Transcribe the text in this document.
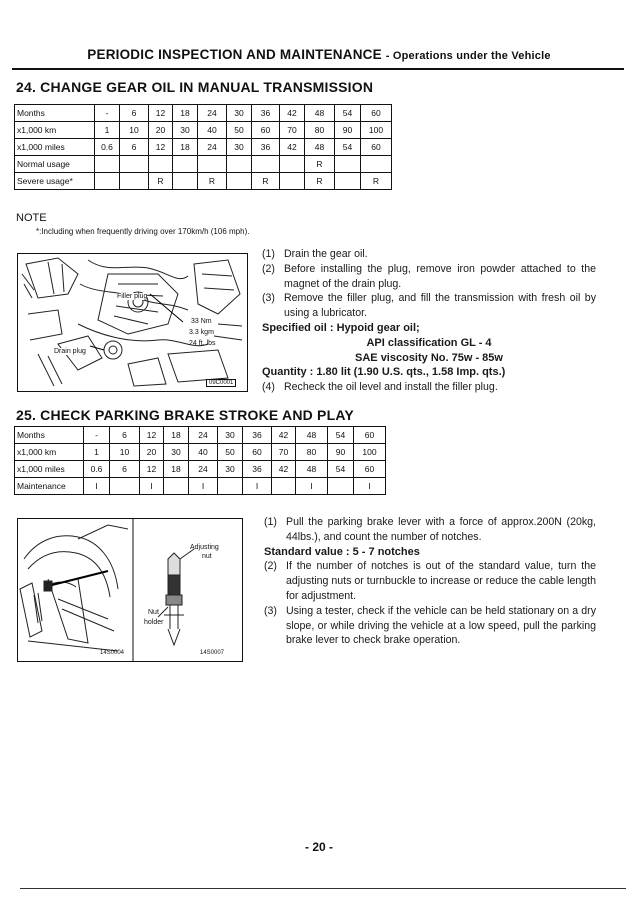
PERIODIC INSPECTION AND MAINTENANCE - Operations under the Vehicle
24. CHANGE GEAR OIL IN MANUAL TRANSMISSION
Months	-	6	12	18	24	30	36	42	48	54	60
x1,000 km	1	10	20	30	40	50	60	70	80	90	100
x1,000 miles	0.6	6	12	18	24	30	36	42	48	54	60
Normal usage									R		
Severe usage*			R		R		R		R		R
NOTE
*:Including when frequently driving over 170km/h (106 mph).
Filler plug
Drain plug
33 Nm
3.3 kgm
24 ft. lbs
09C0001
(1) Drain the gear oil.
(2) Before installing the plug, remove iron powder attached to the magnet of the drain plug.
(3) Remove the filler plug, and fill the transmission with fresh oil by using a lubricator.
Specified oil : Hypoid gear oil;
API classification GL - 4
SAE viscosity No. 75w - 85w
Quantity : 1.80 lit (1.90 U.S. qts., 1.58 Imp. qts.)
(4) Recheck the oil level and install the filler plug.
25. CHECK PARKING BRAKE STROKE AND PLAY
Months	-	6	12	18	24	30	36	42	48	54	60
x1,000 km	1	10	20	30	40	50	60	70	80	90	100
x1,000 miles	0.6	6	12	18	24	30	36	42	48	54	60
Maintenance	I		I		I		I		I		I
Adjusting
nut
Nut
holder
14S0004	14S0007
(1) Pull the parking brake lever with a force of approx.200N (20kg, 44lbs.), and count the number of notches.
Standard value : 5 - 7 notches
(2) If the number of notches is out of the standard value, turn the adjusting nuts or turnbuckle to increase or reduce the cable length for adjustment.
(3) Using a tester, check if the vehicle can be held stationary on a dry slope, or while driving the vehicle at a low speed, pull the parking brake lever to check brake operation.
- 20 -
